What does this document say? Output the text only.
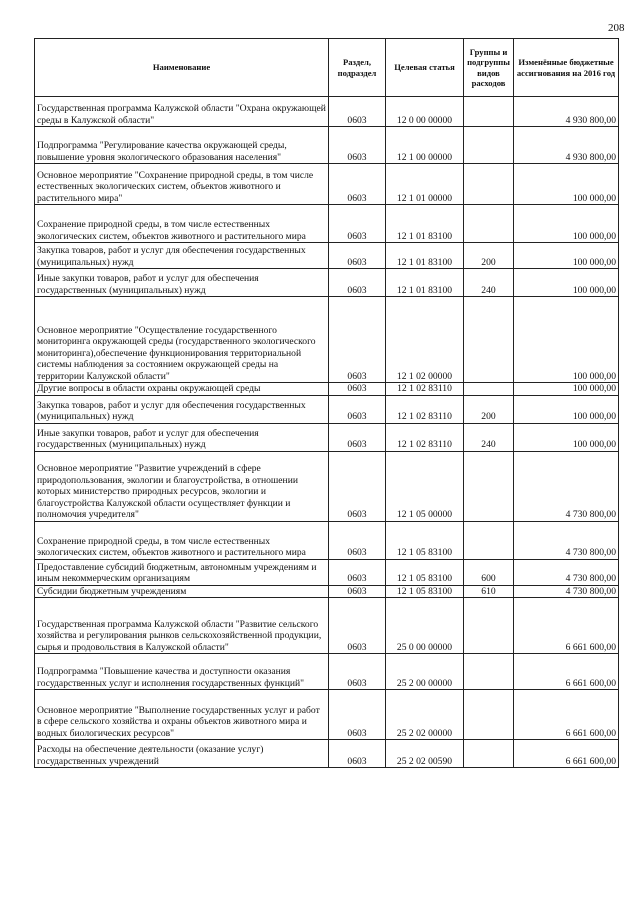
208
Наименование	Раздел, подраздел	Целевая статья	Группы и подгруппы видов расходов	Изменённые бюджетные ассигнования на 2016 год
Государственная программа Калужской области "Охрана окружающей среды в Калужской области"	0603	12 0 00 00000		4 930 800,00
Подпрограмма "Регулирование качества окружающей среды, повышение уровня экологического образования населения"	0603	12 1 00 00000		4 930 800,00
Основное мероприятие "Сохранение природной среды, в том числе естественных экологических систем, объектов животного и растительного мира"	0603	12 1 01 00000		100 000,00
Сохранение природной среды, в том числе естественных экологических систем, объектов животного и растительного мира	0603	12 1 01 83100		100 000,00
Закупка товаров, работ и услуг для обеспечения государственных (муниципальных) нужд	0603	12 1 01 83100	200	100 000,00
Иные закупки товаров, работ и услуг для обеспечения государственных (муниципальных) нужд	0603	12 1 01 83100	240	100 000,00
Основное мероприятие "Осуществление государственного мониторинга окружающей среды (государственного экологического мониторинга),обеспечение функционирования территориальной системы наблюдения за состоянием окружающей среды на территории Калужской области"	0603	12 1 02 00000		100 000,00
Другие вопросы в области охраны окружающей среды	0603	12 1 02 83110		100 000,00
Закупка товаров, работ и услуг для обеспечения государственных (муниципальных) нужд	0603	12 1 02 83110	200	100 000,00
Иные закупки товаров, работ и услуг для обеспечения государственных (муниципальных) нужд	0603	12 1 02 83110	240	100 000,00
Основное мероприятие "Развитие учреждений в сфере природопользования, экологии и благоустройства, в отношении которых министерство природных ресурсов, экологии и благоустройства Калужской области осуществляет функции и полномочия учредителя"	0603	12 1 05 00000		4 730 800,00
Сохранение природной среды, в том числе естественных экологических систем, объектов животного и растительного мира	0603	12 1 05 83100		4 730 800,00
Предоставление субсидий бюджетным, автономным учреждениям и иным некоммерческим организациям	0603	12 1 05 83100	600	4 730 800,00
Субсидии бюджетным учреждениям	0603	12 1 05 83100	610	4 730 800,00
Государственная программа Калужской области "Развитие сельского хозяйства и регулирования рынков сельскохозяйственной продукции, сырья и продовольствия в Калужской области"	0603	25 0 00 00000		6 661 600,00
Подпрограмма "Повышение качества и доступности оказания государственных услуг и исполнения государственных функций"	0603	25 2 00 00000		6 661 600,00
Основное мероприятие "Выполнение государственных услуг и работ в сфере сельского хозяйства и охраны объектов животного мира и водных биологических ресурсов"	0603	25 2 02 00000		6 661 600,00
Расходы на обеспечение деятельности (оказание услуг) государственных учреждений	0603	25 2 02 00590		6 661 600,00
